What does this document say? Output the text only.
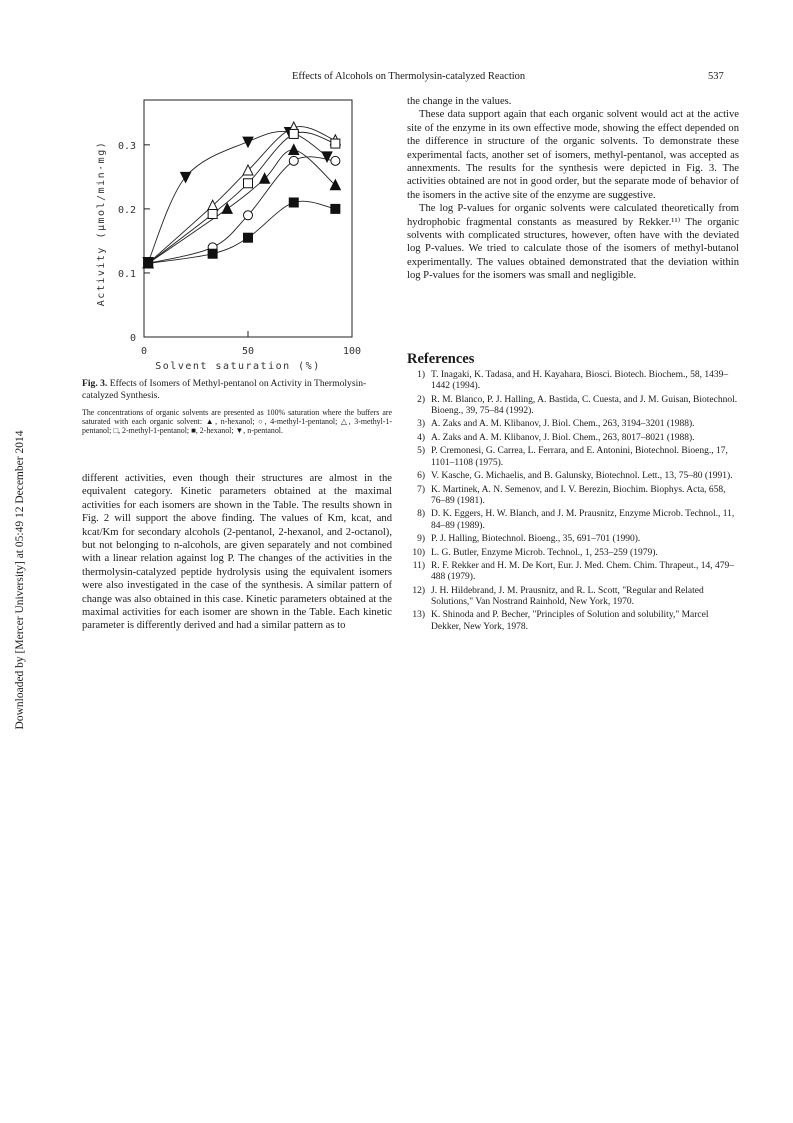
Effects of Alcohols on Thermolysin-catalyzed Reaction	537
Downloaded by [Mercer University] at 05:49 12 December 2014
0	50	100
0
0.1
0.2
0.3
Solvent saturation (%)
Activity (μmol/min·mg)
Fig. 3. Effects of Isomers of Methyl-pentanol on Activity in Thermolysin-catalyzed Synthesis.
The concentrations of organic solvents are presented as 100% saturation where the buffers are saturated with each organic solvent: ▲, n-hexanol; ○, 4-methyl-1-pentanol; △, 3-methyl-1-pentanol; □, 2-methyl-1-pentanol; ■, 2-hexanol; ▼, n-pentanol.

different activities, even though their structures are almost in the equivalent category. Kinetic parameters obtained at the maximal activities for each isomers are shown in the Table. The results shown in Fig. 2 will support the above finding. The values of Km, kcat, and kcat/Km for secondary alcohols (2-pentanol, 2-hexanol, and 2-octanol), but not belonging to n-alcohols, are given separately and not combined with a linear relation against log P. The changes of the activities in the thermolysin-catalyzed peptide hydrolysis using the equivalent isomers were also investigated in the case of the synthesis. A similar pattern of change was also obtained in this case. Kinetic parameters obtained at the maximal activities for each isomer are shown in the Table. Each kinetic parameter is differently derived and had a similar pattern as to

the change in the values.

These data support again that each organic solvent would act at the active site of the enzyme in its own effective mode, showing the effect depended on the difference in structure of the organic solvents. To demonstrate these experimental facts, another set of isomers, methyl-pentanol, was accepted as annexments. The results for the synthesis were depicted in Fig. 3. The activities obtained are not in good order, but the separate mode of behavior of the isomers in the active site of the enzyme are suggestive.

The log P-values for organic solvents were calculated theoretically from hydrophobic fragmental constants as measured by Rekker.¹¹⁾ The organic solvents with complicated structures, however, often have with the deviated log P-values. We tried to calculate those of the isomers of methyl-butanol experimentally. The values obtained demonstrated that the deviation within log P-values for the isomers was small and negligible.

References
1) T. Inagaki, K. Tadasa, and H. Kayahara, Biosci. Biotech. Biochem., 58, 1439–1442 (1994).
2) R. M. Blanco, P. J. Halling, A. Bastida, C. Cuesta, and J. M. Guisan, Biotechnol. Bioeng., 39, 75–84 (1992).
3) A. Zaks and A. M. Klibanov, J. Biol. Chem., 263, 3194–3201 (1988).
4) A. Zaks and A. M. Klibanov, J. Biol. Chem., 263, 8017–8021 (1988).
5) P. Cremonesi, G. Carrea, L. Ferrara, and E. Antonini, Biotechnol. Bioeng., 17, 1101–1108 (1975).
6) V. Kasche, G. Michaelis, and B. Galunsky, Biotechnol. Lett., 13, 75–80 (1991).
7) K. Martinek, A. N. Semenov, and I. V. Berezin, Biochim. Biophys. Acta, 658, 76–89 (1981).
8) D. K. Eggers, H. W. Blanch, and J. M. Prausnitz, Enzyme Microb. Technol., 11, 84–89 (1989).
9) P. J. Halling, Biotechnol. Bioeng., 35, 691–701 (1990).
10) L. G. Butler, Enzyme Microb. Technol., 1, 253–259 (1979).
11) R. F. Rekker and H. M. De Kort, Eur. J. Med. Chem. Chim. Thrapeut., 14, 479–488 (1979).
12) J. H. Hildebrand, J. M. Prausnitz, and R. L. Scott, "Regular and Related Solutions," Van Nostrand Rainhold, New York, 1970.
13) K. Shinoda and P. Becher, "Principles of Solution and solubility," Marcel Dekker, New York, 1978.
